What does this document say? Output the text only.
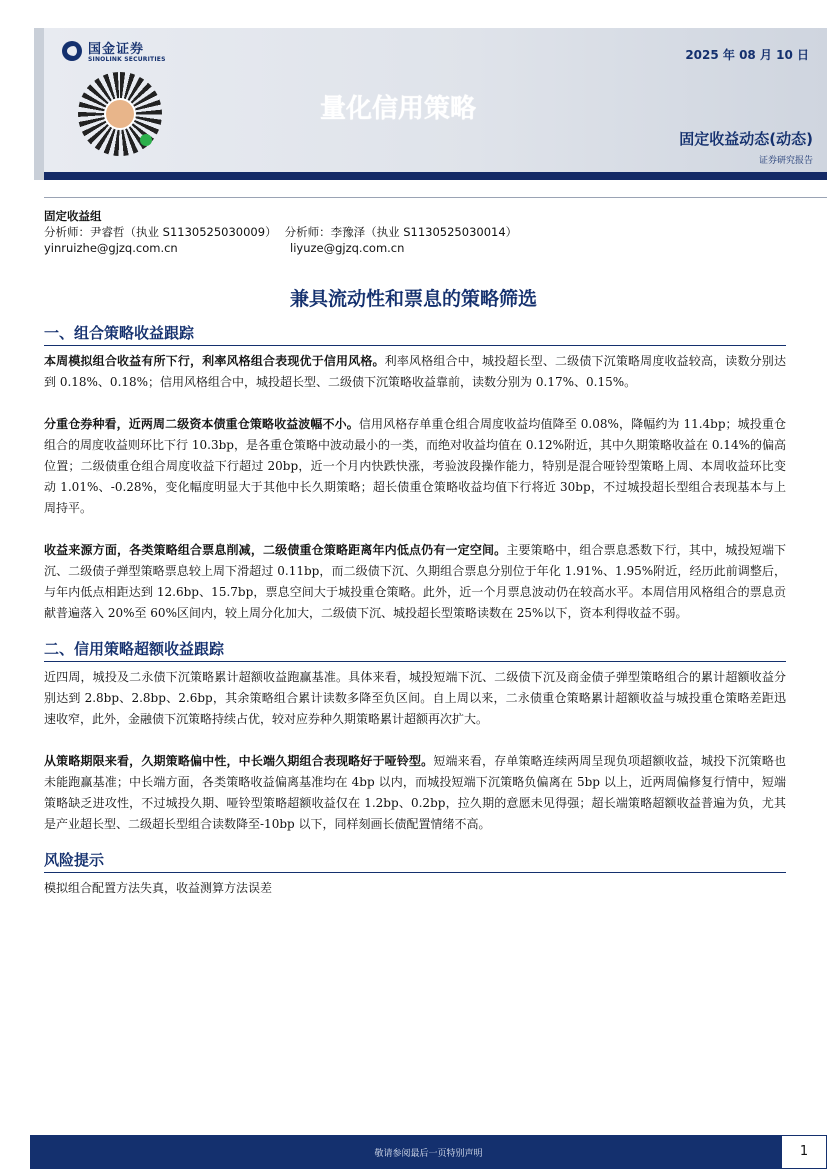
国金证券
SINOLINK SECURITIES	2025 年 08 月 10 日
量化信用策略
固定收益动态(动态)
证券研究报告
固定收益组
分析师：尹睿哲（执业 S1130525030009） 分析师：李豫泽（执业 S1130525030014）
yinruizhe@gjzq.com.cn	liyuze@gjzq.com.cn
兼具流动性和票息的策略筛选
一、组合策略收益跟踪

本周模拟组合收益有所下行，利率风格组合表现优于信用风格。利率风格组合中，城投超长型、二级债下沉策略周度收益较高，读数分别达到 0.18%、0.18%；信用风格组合中，城投超长型、二级债下沉策略收益靠前，读数分别为 0.17%、0.15%。

分重仓券种看，近两周二级资本债重仓策略收益波幅不小。信用风格存单重仓组合周度收益均值降至 0.08%，降幅约为 11.4bp；城投重仓组合的周度收益则环比下行 10.3bp，是各重仓策略中波动最小的一类，而绝对收益均值在 0.12%附近，其中久期策略收益在 0.14%的偏高位置；二级债重仓组合周度收益下行超过 20bp，近一个月内快跌快涨，考验波段操作能力，特别是混合哑铃型策略上周、本周收益环比变动 1.01%、-0.28%，变化幅度明显大于其他中长久期策略；超长债重仓策略收益均值下行将近 30bp，不过城投超长型组合表现基本与上周持平。

收益来源方面，各类策略组合票息削减，二级债重仓策略距离年内低点仍有一定空间。主要策略中，组合票息悉数下行，其中，城投短端下沉、二级债子弹型策略票息较上周下滑超过 0.11bp，而二级债下沉、久期组合票息分别位于年化 1.91%、1.95%附近，经历此前调整后，与年内低点相距达到 12.6bp、15.7bp，票息空间大于城投重仓策略。此外，近一个月票息波动仍在较高水平。本周信用风格组合的票息贡献普遍落入 20%至 60%区间内，较上周分化加大，二级债下沉、城投超长型策略读数在 25%以下，资本利得收益不弱。

二、信用策略超额收益跟踪

近四周，城投及二永债下沉策略累计超额收益跑赢基准。具体来看，城投短端下沉、二级债下沉及商金债子弹型策略组合的累计超额收益分别达到 2.8bp、2.8bp、2.6bp，其余策略组合累计读数多降至负区间。自上周以来，二永债重仓策略累计超额收益与城投重仓策略差距迅速收窄，此外，金融债下沉策略持续占优，较对应券种久期策略累计超额再次扩大。

从策略期限来看，久期策略偏中性，中长端久期组合表现略好于哑铃型。短端来看，存单策略连续两周呈现负项超额收益，城投下沉策略也未能跑赢基准；中长端方面，各类策略收益偏离基准均在 4bp 以内，而城投短端下沉策略负偏离在 5bp 以上，近两周偏修复行情中，短端策略缺乏进攻性，不过城投久期、哑铃型策略超额收益仅在 1.2bp、0.2bp，拉久期的意愿未见得强；超长端策略超额收益普遍为负，尤其是产业超长型、二级超长型组合读数降至-10bp 以下，同样刻画长债配置情绪不高。

风险提示

模拟组合配置方法失真，收益测算方法误差

敬请参阅最后一页特别声明	1
